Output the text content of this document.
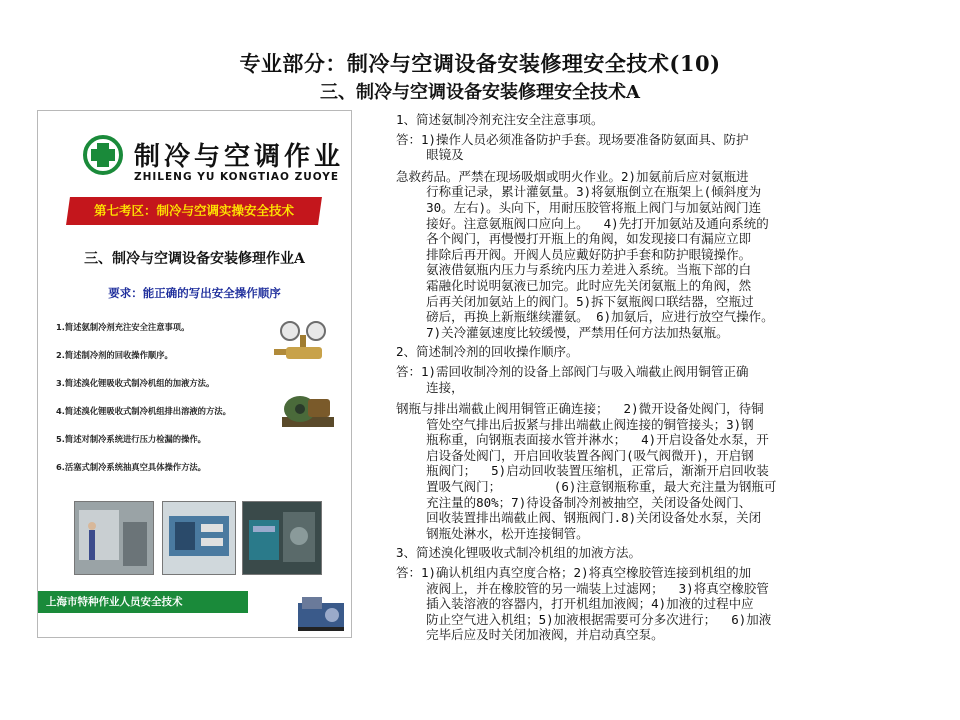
专业部分：制冷与空调设备安装修理安全技术(10)
三、制冷与空调设备安装修理安全技术A
制冷与空调作业
ZHILENG YU KONGTIAO ZUOYE
第七考区：制冷与空调实操安全技术
三、制冷与空调设备安装修理作业A
要求：能正确的写出安全操作顺序
1.简述氨制冷剂充注安全注意事项。
2.简述制冷剂的回收操作顺序。
3.简述溴化锂吸收式制冷机组的加液方法。
4.简述溴化锂吸收式制冷机组排出溶液的方法。
5.简述对制冷系统进行压力检漏的操作。
6.活塞式制冷系统抽真空具体操作方法。
上海市特种作业人员安全技术

1、简述氨制冷剂充注安全注意事项。

答：1)操作人员必须准备防护手套。现场要准备防氨面具、防护

眼镜及

急救药品。严禁在现场吸烟或明火作业。2)加氨前后应对氨瓶进
行称重记录，累计灌氨量。3)将氨瓶倒立在瓶架上(倾斜度为
30。左右)。头向下，用耐压胶管将瓶上阀门与加氨站阀门连
接好。注意氨瓶阀口应向上。  4)先打开加氨站及通向系统的
各个阀门，再慢慢打开瓶上的角阀，如发现接口有漏应立即
排除后再开阀。开阀人员应戴好防护手套和防护眼镜操作。
氨液借氨瓶内压力与系统内压力差进入系统。当瓶下部的白
霜融化时说明氨液已加完。此时应先关闭氨瓶上的角阀，然
后再关闭加氨站上的阀门。5)拆下氨瓶阀口联结器，空瓶过
磅后，再换上新瓶继续灌氨。 6)加氨后，应进行放空气操作。
7)关冷灌氨速度比较缓慢，严禁用任何方法加热氨瓶。

2、简述制冷剂的回收操作顺序。

答：1)需回收制冷剂的设备上部阀门与吸入端截止阀用铜管正确
连接，

钢瓶与排出端截止阀用铜管正确连接；  2)微开设备处阀门，待铜
管处空气排出后扳紧与排出端截止阀连接的铜管接头；3)钢
瓶称重，向钢瓶表面接水管并淋水；  4)开启设备处水泵，开
启设备处阀门，开启回收装置各阀门(吸气阀微开)，开启钢
瓶阀门；  5)启动回收装置压缩机，正常后，渐渐开启回收装
置吸气阀门；       (6)注意钢瓶称重，最大充注量为钢瓶可
充注量的80%；7)待设备制冷剂被抽空，关闭设备处阀门、
回收装置排出端截止阀、钢瓶阀门.8)关闭设备处水泵，关闭
钢瓶处淋水，松开连接铜管。

3、简述溴化锂吸收式制冷机组的加液方法。

答：1)确认机组内真空度合格；2)将真空橡胶管连接到机组的加
液阀上，并在橡胶管的另一端装上过滤网；  3)将真空橡胶管
插入装溶液的容器内，打开机组加液阀；4)加液的过程中应
防止空气进入机组；5)加液根据需要可分多次进行；  6)加液
完毕后应及时关闭加液阀，并启动真空泵。
